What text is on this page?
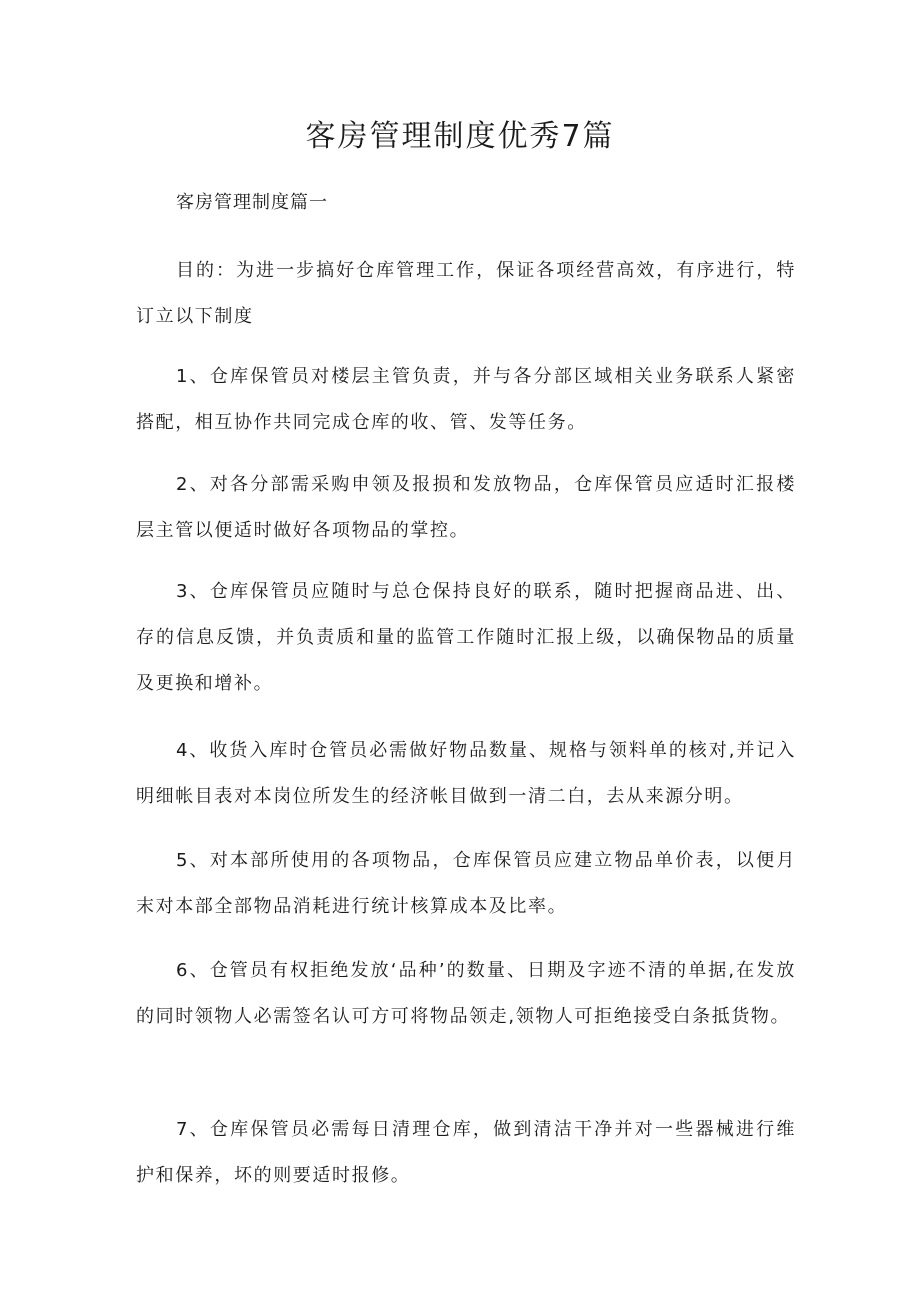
客房管理制度优秀7篇
客房管理制度篇一

目的：为进一步搞好仓库管理工作，保证各项经营高效，有序进行，特订立以下制度

1、仓库保管员对楼层主管负责，并与各分部区域相关业务联系人紧密搭配，相互协作共同完成仓库的收、管、发等任务。

2、对各分部需采购申领及报损和发放物品，仓库保管员应适时汇报楼层主管以便适时做好各项物品的掌控。

3、仓库保管员应随时与总仓保持良好的联系，随时把握商品进、出、存的信息反馈，并负责质和量的监管工作随时汇报上级，以确保物品的质量及更换和增补。

4、收货入库时仓管员必需做好物品数量、规格与领料单的核对,并记入明细帐目表对本岗位所发生的经济帐目做到一清二白，去从来源分明。

5、对本部所使用的各项物品，仓库保管员应建立物品单价表，以便月末对本部全部物品消耗进行统计核算成本及比率。

6、仓管员有权拒绝发放‘品种’的数量、日期及字迹不清的单据,在发放的同时领物人必需签名认可方可将物品领走,领物人可拒绝接受白条抵货物。

7、仓库保管员必需每日清理仓库，做到清洁干净并对一些器械进行维护和保养，坏的则要适时报修。
